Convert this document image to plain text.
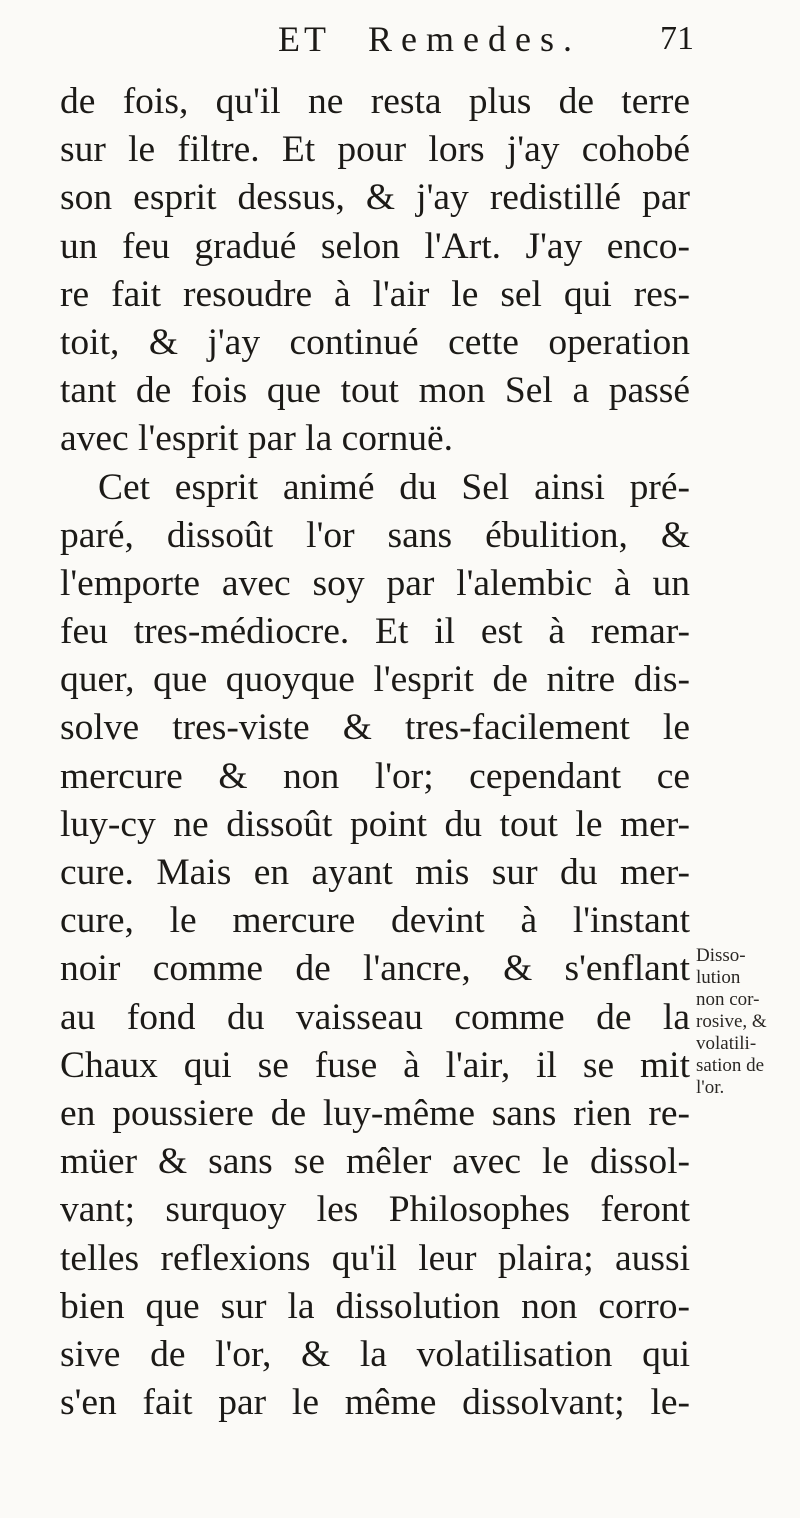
ET Remedes. 71
de fois, qu'il ne resta plus de terre
sur le filtre. Et pour lors j'ay cohobé
son esprit dessus, & j'ay redistillé par
un feu gradué selon l'Art. J'ay enco-
re fait resoudre à l'air le sel qui res-
toit, & j'ay continué cette operation
tant de fois que tout mon Sel a passé
avec l'esprit par la cornuë.
Cet esprit animé du Sel ainsi pré-
paré, dissoût l'or sans ébulition, &
l'emporte avec soy par l'alembic à un
feu tres-médiocre. Et il est à remar-
quer, que quoyque l'esprit de nitre dis-
solve tres-viste & tres-facilement le
mercure & non l'or; cependant ce
luy-cy ne dissoût point du tout le mer-
cure. Mais en ayant mis sur du mer-
cure, le mercure devint à l'instant
noir comme de l'ancre, & s'enflant
au fond du vaisseau comme de la
Chaux qui se fuse à l'air, il se mit
en poussiere de luy-même sans rien re-
müer & sans se mêler avec le dissol-
vant; surquoy les Philosophes feront
telles reflexions qu'il leur plaira; aussi
bien que sur la dissolution non corro-
sive de l'or, & la volatilisation qui
s'en fait par le même dissolvant; le-
Disso-
lution
non cor-
rosive, &
volatili-
sation de
l'or.
